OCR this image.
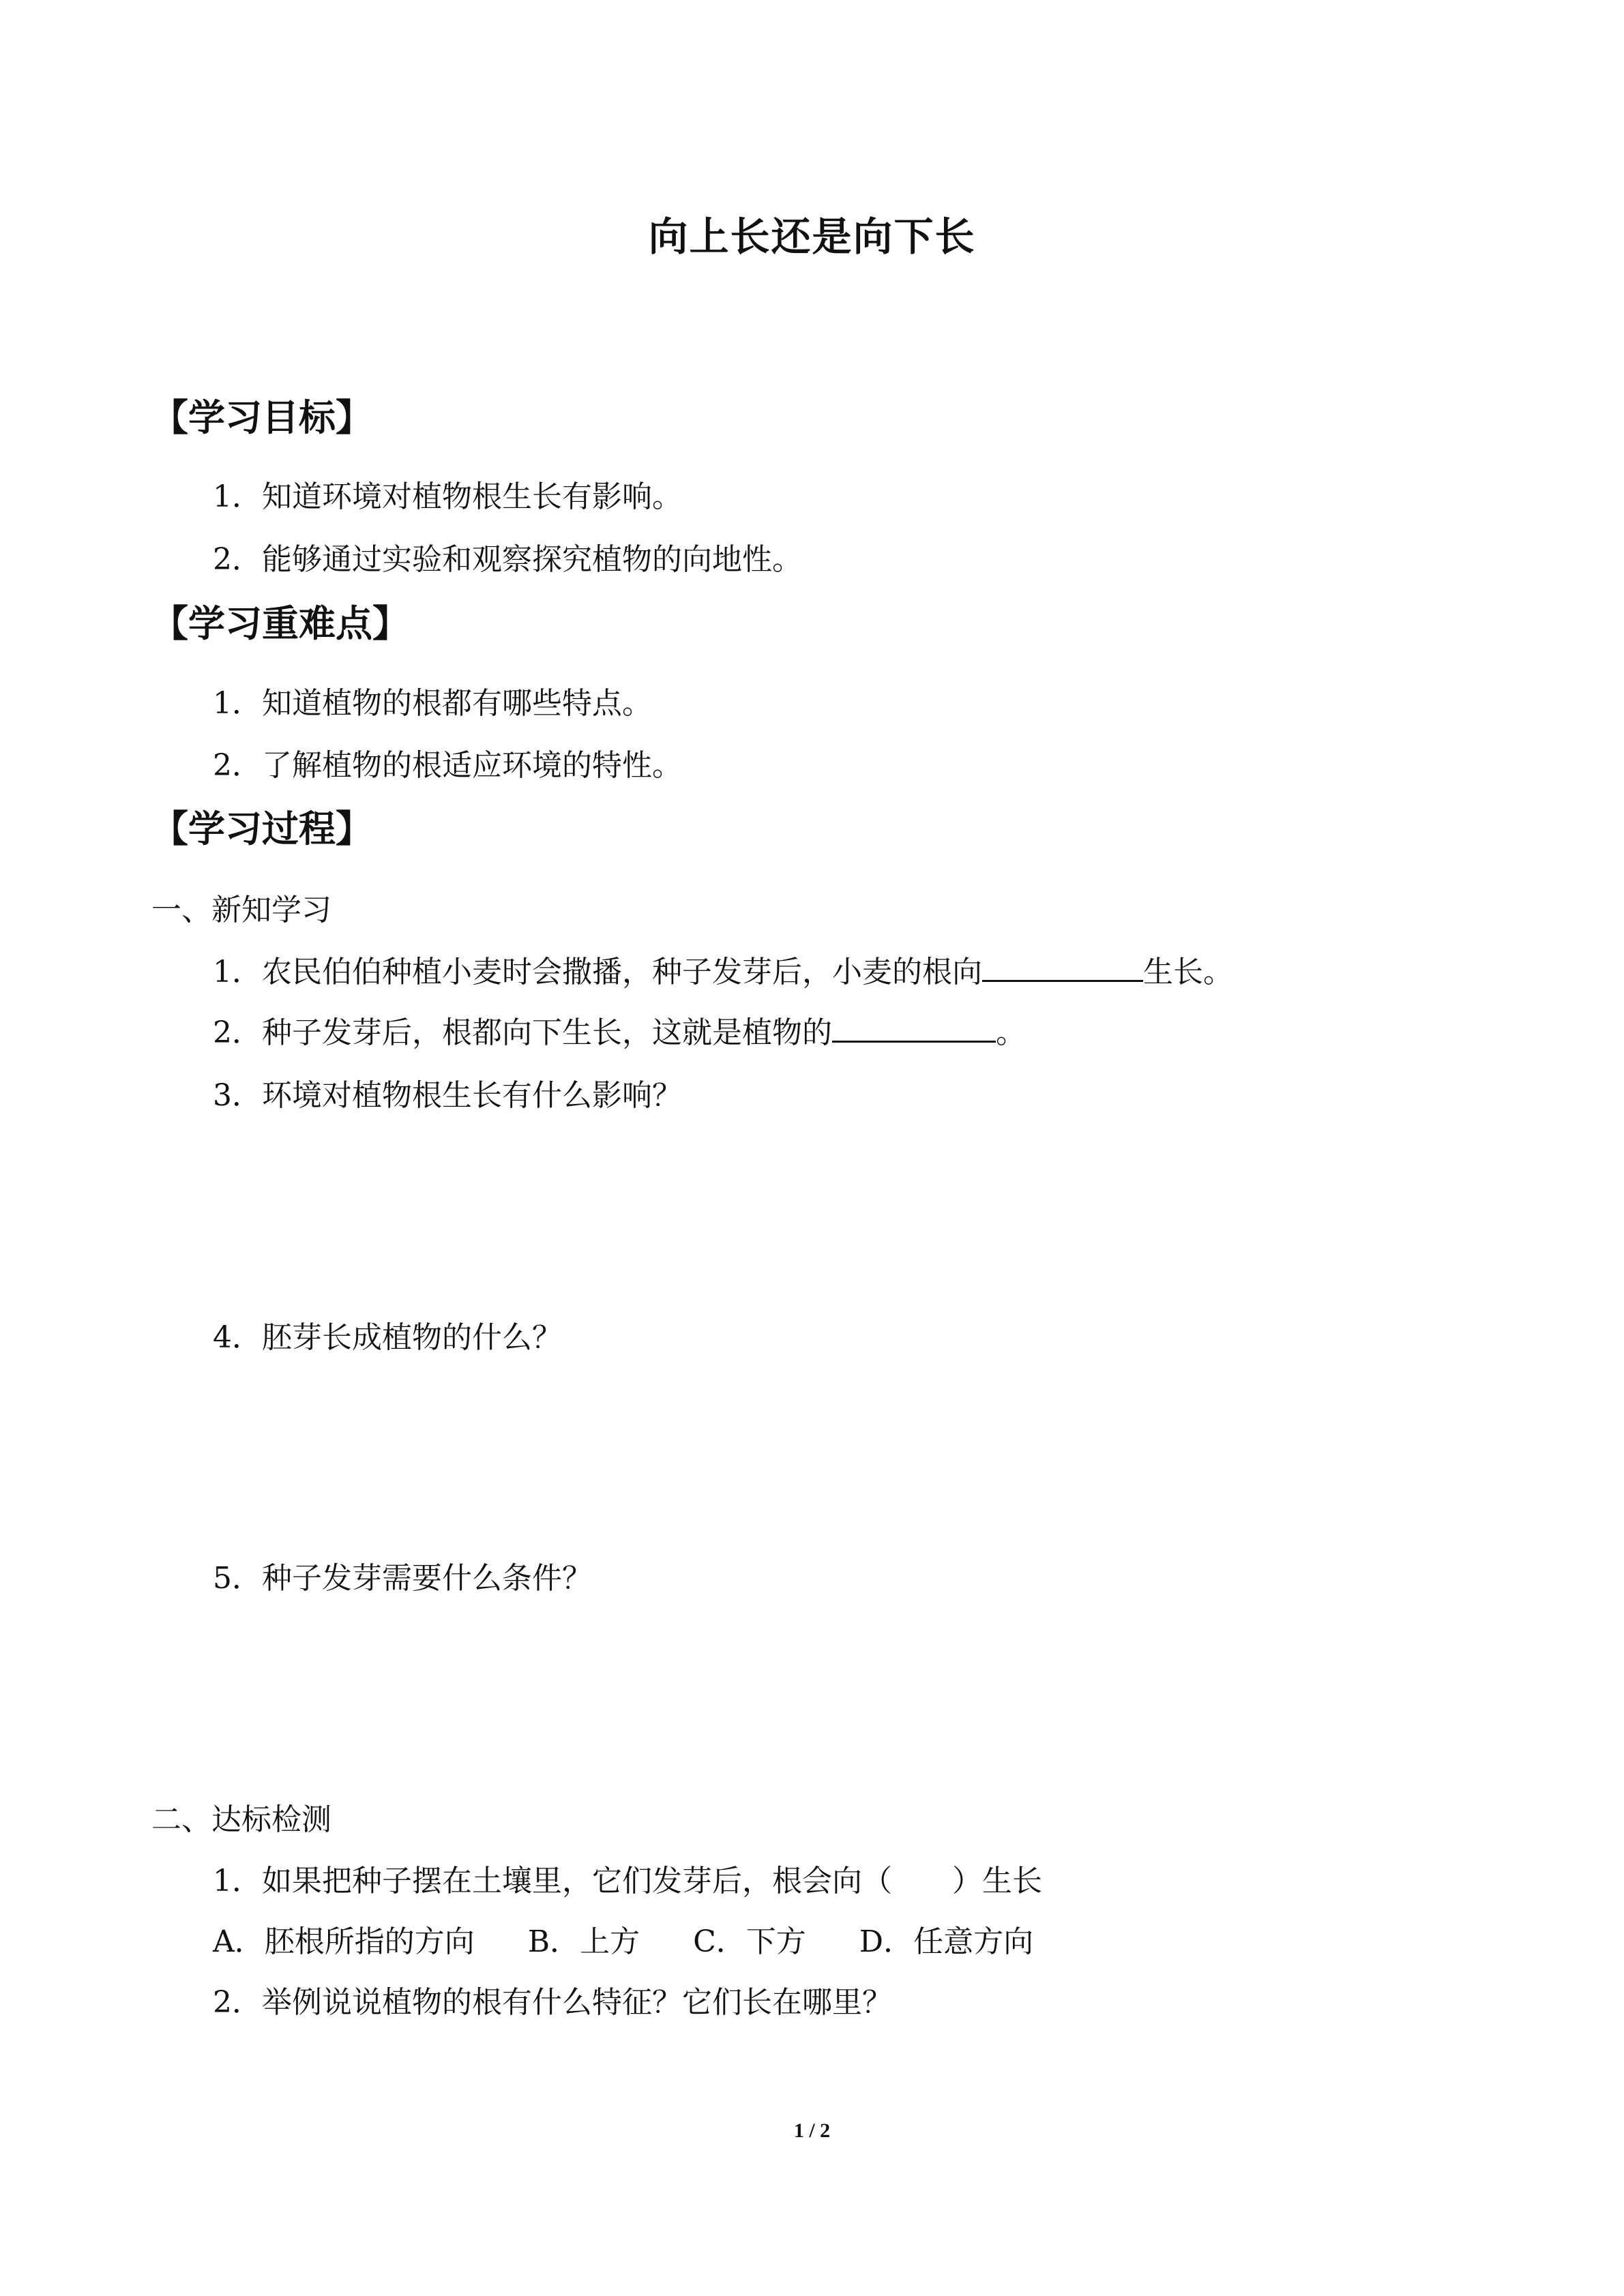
向上长还是向下长
【学习目标】
1．知道环境对植物根生长有影响。
2．能够通过实验和观察探究植物的向地性。
【学习重难点】
1．知道植物的根都有哪些特点。
2．了解植物的根适应环境的特性。
【学习过程】
一、新知学习
1．农民伯伯种植小麦时会撒播，种子发芽后，小麦的根向	生长。
2．种子发芽后，根都向下生长，这就是植物的	。
3．环境对植物根生长有什么影响？
4．胚芽长成植物的什么？
5．种子发芽需要什么条件？
二、达标检测
1．如果把种子摆在土壤里，它们发芽后，根会向（ ）生长
A．胚根所指的方向 B．上方 C．下方 D．任意方向
2．举例说说植物的根有什么特征？它们长在哪里？
1 / 2
